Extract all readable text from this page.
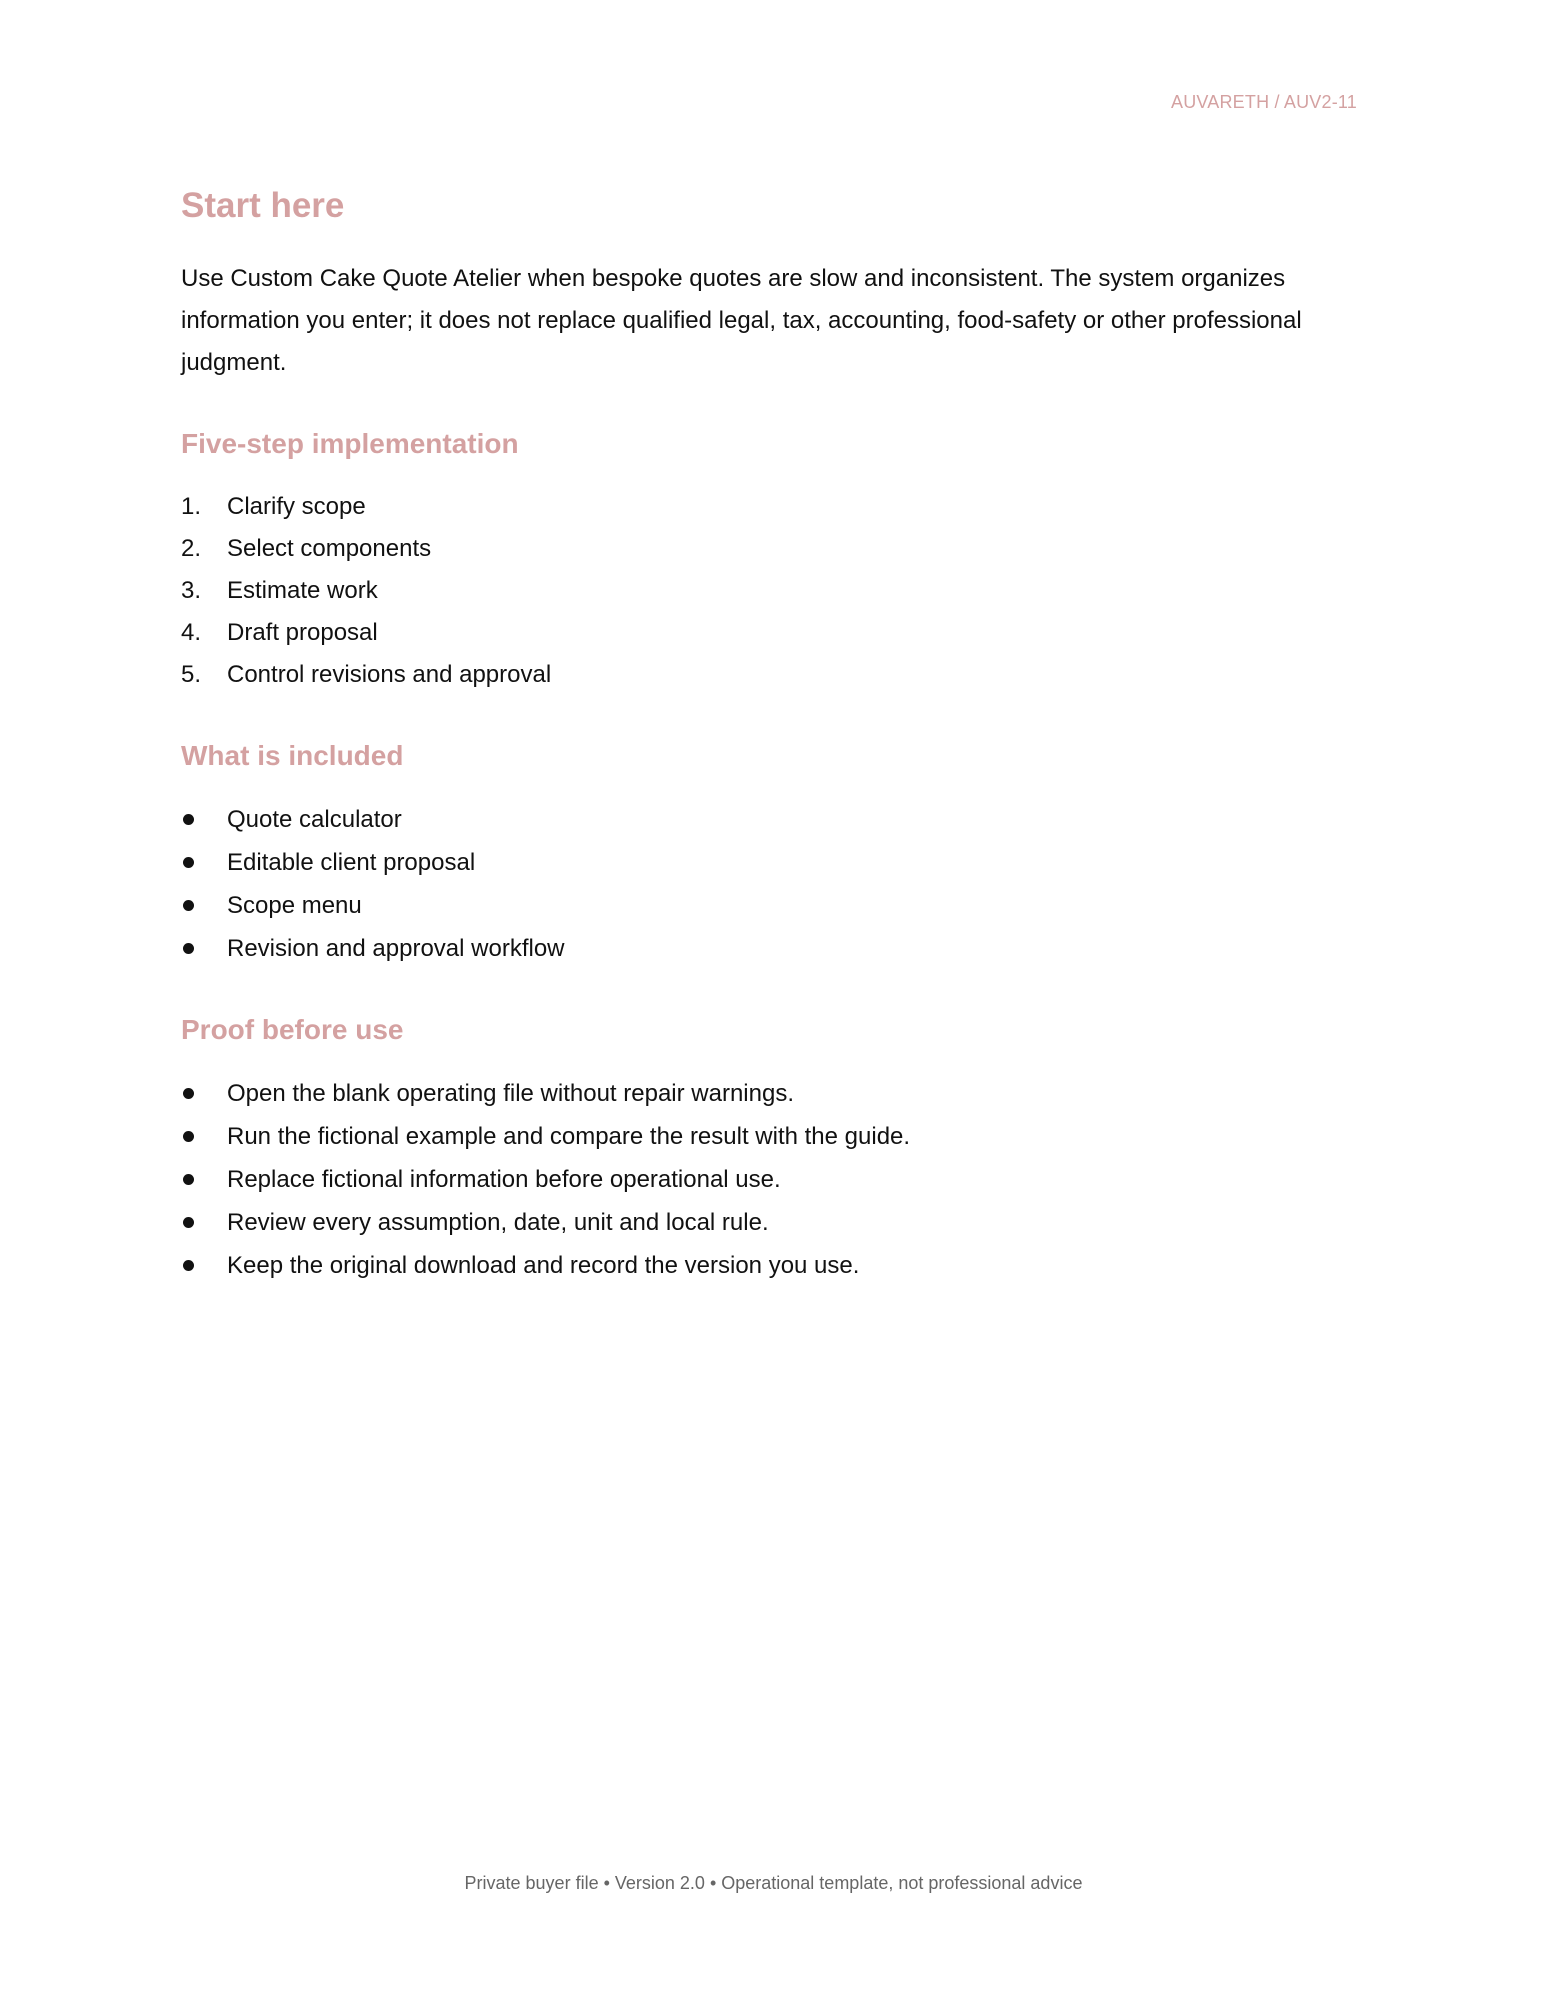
AUVARETH / AUV2-11
Start here

Use Custom Cake Quote Atelier when bespoke quotes are slow and inconsistent. The system organizes information you enter; it does not replace qualified legal, tax, accounting, food-safety or other professional judgment.

Five-step implementation
1. Clarify scope
2. Select components
3. Estimate work
4. Draft proposal
5. Control revisions and approval
What is included
Quote calculator
Editable client proposal
Scope menu
Revision and approval workflow
Proof before use
Open the blank operating file without repair warnings.
Run the fictional example and compare the result with the guide.
Replace fictional information before operational use.
Review every assumption, date, unit and local rule.
Keep the original download and record the version you use.
Private buyer file • Version 2.0 • Operational template, not professional advice
